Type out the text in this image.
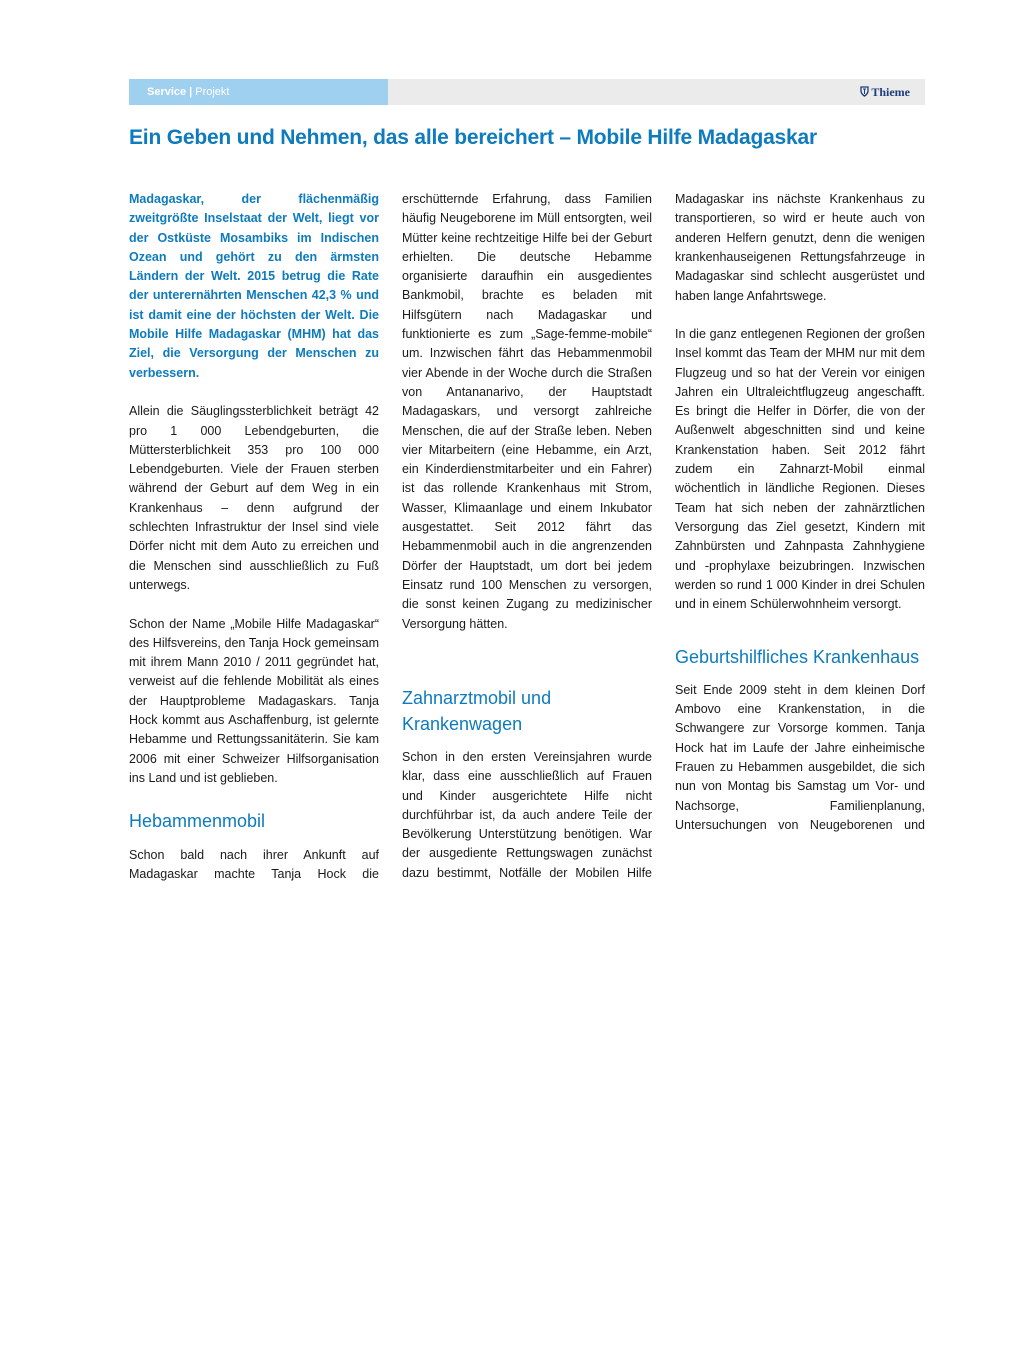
Service | Projekt	Thieme
Ein Geben und Nehmen, das alle bereichert – Mobile Hilfe Madagaskar

Madagaskar, der flächenmäßig zweitgrößte Inselstaat der Welt, liegt vor der Ostküste Mosambiks im Indischen Ozean und gehört zu den ärmsten Ländern der Welt. 2015 betrug die Rate der unterernährten Menschen 42,3 % und ist damit eine der höchsten der Welt. Die Mobile Hilfe Madagaskar (MHM) hat das Ziel, die Versorgung der Menschen zu verbessern.

Allein die Säuglingssterblichkeit beträgt 42 pro 1 000 Lebendgeburten, die Müttersterblichkeit 353 pro 100 000 Lebendgeburten. Viele der Frauen sterben während der Geburt auf dem Weg in ein Krankenhaus – denn aufgrund der schlechten Infrastruktur der Insel sind viele Dörfer nicht mit dem Auto zu erreichen und die Menschen sind ausschließlich zu Fuß unterwegs.

Schon der Name „Mobile Hilfe Madagaskar“ des Hilfsvereins, den Tanja Hock gemeinsam mit ihrem Mann 2010 / 2011 gegründet hat, verweist auf die fehlende Mobilität als eines der Hauptprobleme Madagaskars. Tanja Hock kommt aus Aschaffenburg, ist gelernte Hebamme und Rettungssanitäterin. Sie kam 2006 mit einer Schweizer Hilfsorganisation ins Land und ist geblieben.

Hebammenmobil

Schon bald nach ihrer Ankunft auf Madagaskar machte Tanja Hock die

erschütternde Erfahrung, dass Familien häufig Neugeborene im Müll entsorgten, weil Mütter keine rechtzeitige Hilfe bei der Geburt erhielten. Die deutsche Hebamme organisierte daraufhin ein ausgedientes Bankmobil, brachte es beladen mit Hilfsgütern nach Madagaskar und funktionierte es zum „Sage-femme-mobile“ um. Inzwischen fährt das Hebammenmobil vier Abende in der Woche durch die Straßen von Antananarivo, der Hauptstadt Madagaskars, und versorgt zahlreiche Menschen, die auf der Straße leben. Neben vier Mitarbeitern (eine Hebamme, ein Arzt, ein Kinderdienstmitarbeiter und ein Fahrer) ist das rollende Krankenhaus mit Strom, Wasser, Klimaanlage und einem Inkubator ausgestattet. Seit 2012 fährt das Hebammenmobil auch in die angrenzenden Dörfer der Hauptstadt, um dort bei jedem Einsatz rund 100 Menschen zu versorgen, die sonst keinen Zugang zu medizinischer Versorgung hätten.

Zahnarztmobil und Krankenwagen

Schon in den ersten Vereinsjahren wurde klar, dass eine ausschließlich auf Frauen und Kinder ausgerichtete Hilfe nicht durchführbar ist, da auch andere Teile der Bevölkerung Unterstützung benötigen. War der ausgediente Rettungswagen zunächst dazu bestimmt, Notfälle der Mobilen Hilfe

Madagaskar ins nächste Krankenhaus zu transportieren, so wird er heute auch von anderen Helfern genutzt, denn die wenigen krankenhauseigenen Rettungsfahrzeuge in Madagaskar sind schlecht ausgerüstet und haben lange Anfahrtswege.

In die ganz entlegenen Regionen der großen Insel kommt das Team der MHM nur mit dem Flugzeug und so hat der Verein vor einigen Jahren ein Ultraleichtflugzeug angeschafft. Es bringt die Helfer in Dörfer, die von der Außenwelt abgeschnitten sind und keine Krankenstation haben. Seit 2012 fährt zudem ein Zahnarzt-Mobil einmal wöchentlich in ländliche Regionen. Dieses Team hat sich neben der zahnärztlichen Versorgung das Ziel gesetzt, Kindern mit Zahnbürsten und Zahnpasta Zahnhygiene und -prophylaxe beizubringen. Inzwischen werden so rund 1 000 Kinder in drei Schulen und in einem Schülerwohnheim versorgt.

Geburtshilfliches Krankenhaus

Seit Ende 2009 steht in dem kleinen Dorf Ambovo eine Krankenstation, in die Schwangere zur Vorsorge kommen. Tanja Hock hat im Laufe der Jahre einheimische Frauen zu Hebammen ausgebildet, die sich nun von Montag bis Samstag um Vor- und Nachsorge, Familienplanung, Untersuchungen von Neugeborenen und
